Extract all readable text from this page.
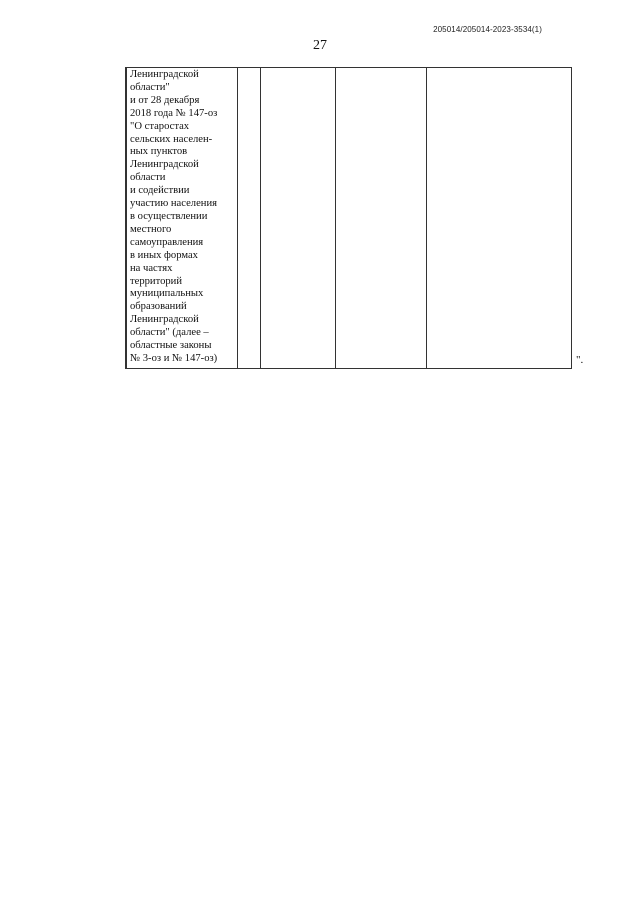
205014/205014-2023-3534(1)
27

Ленинградской
области"
и от 28 декабря
2018 года № 147-оз
"О старостах
сельских населен-
ных пунктов
Ленинградской
области
и содействии
участию населения
в осуществлении
местного
самоуправления
в иных формах
на частях
территорий
муниципальных
образований
Ленинградской
области" (далее –
областные законы
№ 3-оз и № 147-оз)
					".
